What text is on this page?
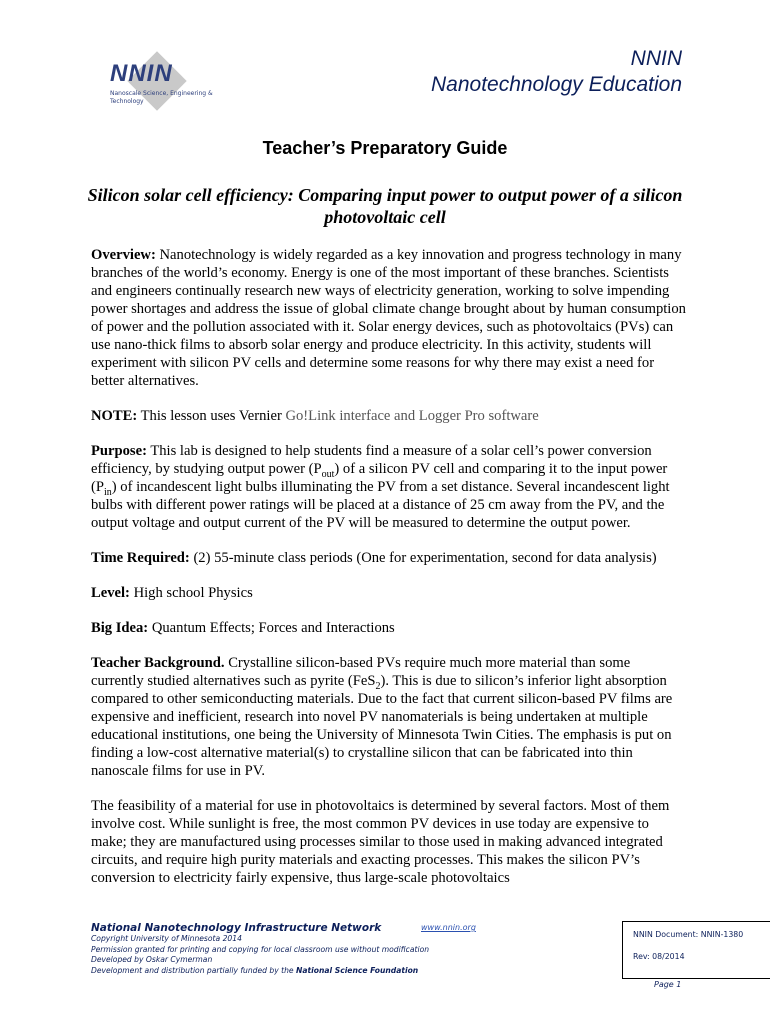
NNIN
Nanoscale Science, Engineering & Technology
NNIN
Nanotechnology Education
Teacher’s Preparatory Guide
Silicon solar cell efficiency: Comparing input power to output power of a silicon photovoltaic cell

Overview: Nanotechnology is widely regarded as a key innovation and progress technology in many branches of the world’s economy. Energy is one of the most important of these branches. Scientists and engineers continually research new ways of electricity generation, working to solve impending power shortages and address the issue of global climate change brought about by human consumption of power and the pollution associated with it. Solar energy devices, such as photovoltaics (PVs) can use nano-thick films to absorb solar energy and produce electricity. In this activity, students will experiment with silicon PV cells and determine some reasons for why there may exist a need for better alternatives.

NOTE: This lesson uses Vernier Go!Link interface and Logger Pro software

Purpose: This lab is designed to help students find a measure of a solar cell’s power conversion efficiency, by studying output power $(P_{out})$ of a silicon PV cell and comparing it to the input power $(P_{in})$ of incandescent light bulbs illuminating the PV from a set distance. Several incandescent light bulbs with different power ratings will be placed at a distance of 25 cm away from the PV, and the output voltage and output current of the PV will be measured to determine the output power.

Time Required: (2) 55-minute class periods (One for experimentation, second for data analysis)

Level: High school Physics

Big Idea: Quantum Effects; Forces and Interactions

Teacher Background. Crystalline silicon-based PVs require much more material than some currently studied alternatives such as pyrite (FeS$_2$). This is due to silicon’s inferior light absorption compared to other semiconducting materials. Due to the fact that current silicon-based PV films are expensive and inefficient, research into novel PV nanomaterials is being undertaken at multiple educational institutions, one being the University of Minnesota Twin Cities. The emphasis is put on finding a low-cost alternative material(s) to crystalline silicon that can be fabricated into thin nanoscale films for use in PV.

The feasibility of a material for use in photovoltaics is determined by several factors. Most of them involve cost. While sunlight is free, the most common PV devices in use today are expensive to make; they are manufactured using processes similar to those used in making advanced integrated circuits, and require high purity materials and exacting processes. This makes the silicon PV’s conversion to electricity fairly expensive, thus large-scale photovoltaics

National Nanotechnology Infrastructure Network	www.nnin.org
Copyright University of Minnesota 2014
Permission granted for printing and copying for local classroom use without modification
Developed by Oskar Cymerman
Development and distribution partially funded by the National Science Foundation
NNIN Document: NNIN-1380
Rev: 08/2014
Page 1
